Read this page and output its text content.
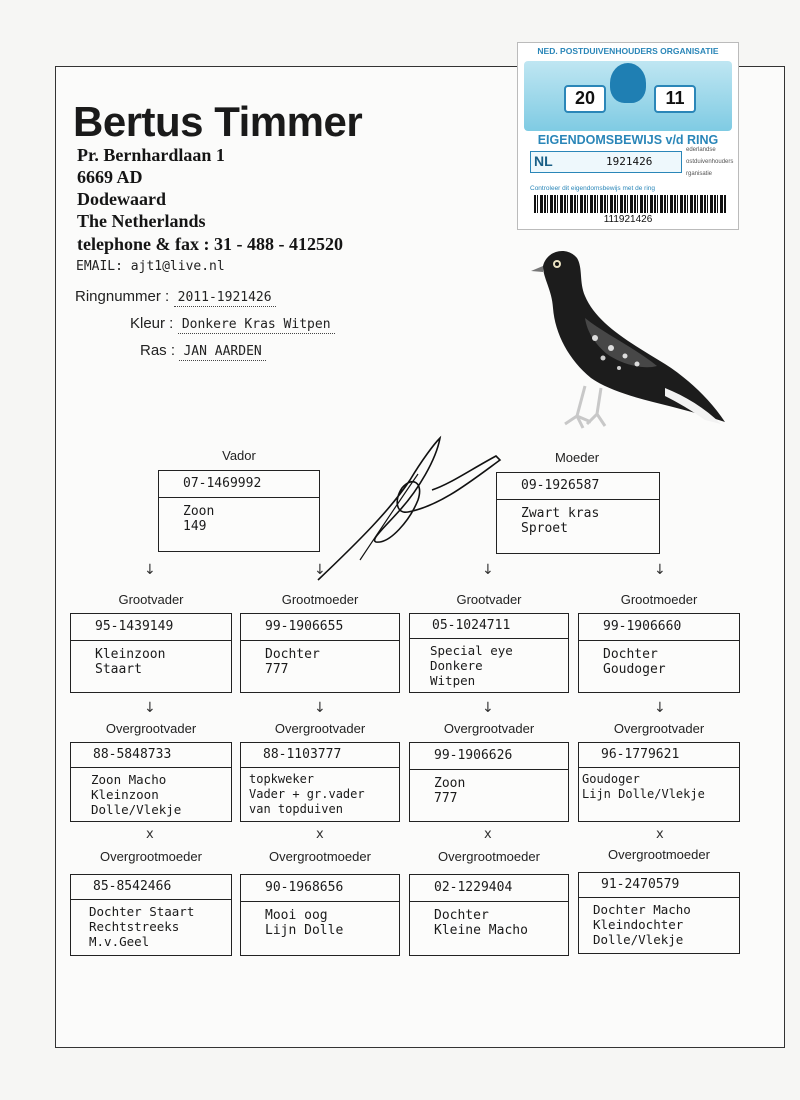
Bertus Timmer
Pr. Bernhardlaan 1
6669 AD
Dodewaard
The Netherlands
telephone & fax : 31 - 488 - 412520
EMAIL: ajt1@live.nl
Ringnummer : 2011-1921426
Kleur : Donkere Kras Witpen
Ras : JAN AARDEN
NED. POSTDUIVENHOUDERS ORGANISATIE
20	11
EIGENDOMSBEWIJS v/d RING
NL	1921426
ederlandse
ostduivenhouders
rganisatie
Controleer dit eigendomsbewijs met de ring
111921426
Vador	Moeder
07-1469992
Zoon
149
09-1926587
Zwart kras
Sproet
↓	↓	↓	↓
Grootvader	Grootmoeder	Grootvader	Grootmoeder
95-1439149
Kleinzoon
Staart
99-1906655
Dochter
777
05-1024711
Special eye
Donkere
Witpen
99-1906660
Dochter
Goudoger
↓	↓	↓	↓
Overgrootvader	Overgrootvader	Overgrootvader	Overgrootvader
88-5848733
Zoon Macho
Kleinzoon
Dolle/Vlekje
88-1103777
topkweker
Vader + gr.vader
van topduiven
99-1906626
Zoon
777
96-1779621
Goudoger
Lijn Dolle/Vlekje
x	x	x	x
Overgrootmoeder	Overgrootmoeder	Overgrootmoeder	Overgrootmoeder
85-8542466
Dochter Staart
Rechtstreeks
M.v.Geel
90-1968656
Mooi oog
Lijn Dolle
02-1229404
Dochter
Kleine Macho
91-2470579
Dochter Macho
Kleindochter
Dolle/Vlekje
